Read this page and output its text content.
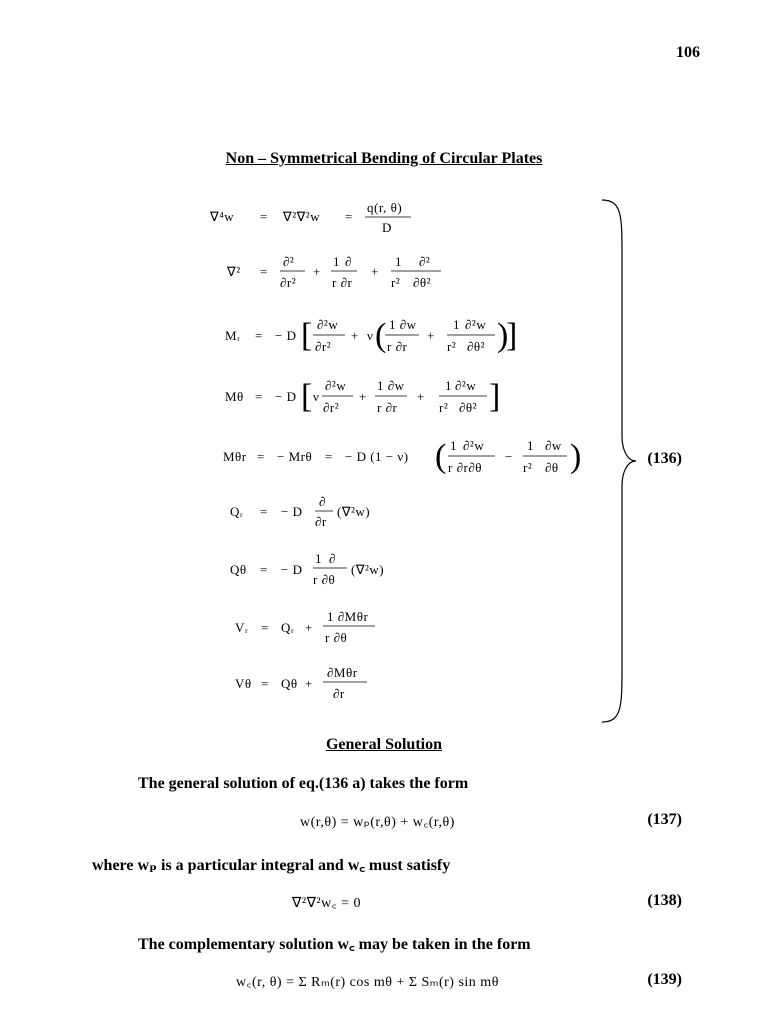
106
Non – Symmetrical Bending of Circular Plates
∇⁴w = ∇²∇²w =
q(r, θ)
D
∇² =
∂²
∂r²
+
1 ∂
r ∂r
+
1 ∂²
r² ∂θ²
Mᵣ = − D [ ∂²w
∂r²
+ ν ( 1 ∂w
r ∂r
+
1 ∂²w
r² ∂θ² )
]
Mθ = − D [ ν
∂²w
∂r²
+
1 ∂w
r ∂r
+
1 ∂²w
r² ∂θ² ]
Mθr = − Mrθ = − D (1 − ν) ( 1 ∂²w
r ∂r∂θ
−
1 ∂w
r² ∂θ )
Qᵣ = − D
∂
∂r
(∇²w)
Qθ = − D
1 ∂
r ∂θ
(∇²w)
Vᵣ = Qᵣ +
1 ∂Mθr
r ∂θ
Vθ = Qθ +
∂Mθr
∂r
(136)
General Solution
The general solution of eq.(136 a) takes the form
w(r,θ) = wₚ(r,θ) + w꜀(r,θ)	(137)
where wₚ is a particular integral and w꜀ must satisfy
∇²∇²w꜀ = 0	(138)
The complementary solution w꜀ may be taken in the form
w꜀(r, θ) = Σ Rₘ(r) cos mθ + Σ Sₘ(r) sin mθ	(139)
